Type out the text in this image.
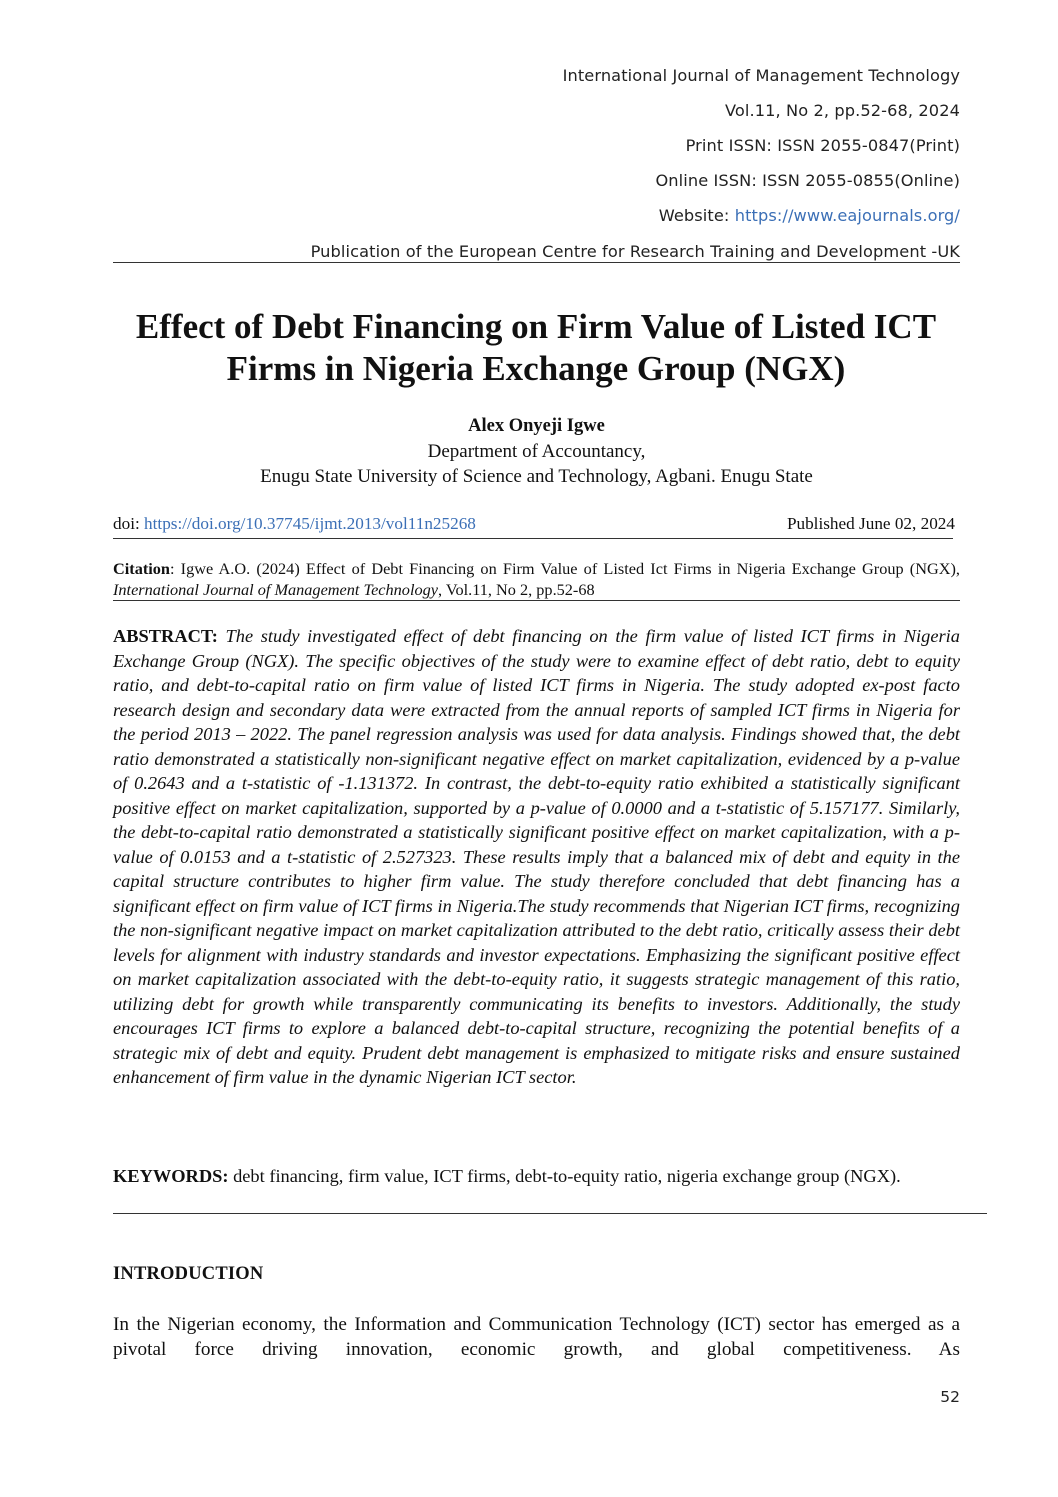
International Journal of Management Technology
Vol.11, No 2, pp.52-68, 2024
Print ISSN: ISSN 2055-0847(Print)
Online ISSN: ISSN 2055-0855(Online)
Website: https://www.eajournals.org/
Publication of the European Centre for Research Training and Development -UK
Effect of Debt Financing on Firm Value of Listed ICT
Firms in Nigeria Exchange Group (NGX)
Alex Onyeji Igwe
Department of Accountancy,
Enugu State University of Science and Technology, Agbani. Enugu State
doi: https://doi.org/10.37745/ijmt.2013/vol11n25268	Published June 02, 2024
Citation: Igwe A.O. (2024) Effect of Debt Financing on Firm Value of Listed Ict Firms in Nigeria Exchange Group (NGX), International Journal of Management Technology, Vol.11, No 2, pp.52-68
ABSTRACT: The study investigated effect of debt financing on the firm value of listed ICT firms in Nigeria Exchange Group (NGX). The specific objectives of the study were to examine effect of debt ratio, debt to equity ratio, and debt-to-capital ratio on firm value of listed ICT firms in Nigeria. The study adopted ex-post facto research design and secondary data were extracted from the annual reports of sampled ICT firms in Nigeria for the period 2013 – 2022. The panel regression analysis was used for data analysis. Findings showed that, the debt ratio demonstrated a statistically non-significant negative effect on market capitalization, evidenced by a p-value of 0.2643 and a t-statistic of -1.131372. In contrast, the debt-to-equity ratio exhibited a statistically significant positive effect on market capitalization, supported by a p-value of 0.0000 and a t-statistic of 5.157177. Similarly, the debt-to-capital ratio demonstrated a statistically significant positive effect on market capitalization, with a p-value of 0.0153 and a t-statistic of 2.527323. These results imply that a balanced mix of debt and equity in the capital structure contributes to higher firm value. The study therefore concluded that debt financing has a significant effect on firm value of ICT firms in Nigeria.The study recommends that Nigerian ICT firms, recognizing the non-significant negative impact on market capitalization attributed to the debt ratio, critically assess their debt levels for alignment with industry standards and investor expectations. Emphasizing the significant positive effect on market capitalization associated with the debt-to-equity ratio, it suggests strategic management of this ratio, utilizing debt for growth while transparently communicating its benefits to investors. Additionally, the study encourages ICT firms to explore a balanced debt-to-capital structure, recognizing the potential benefits of a strategic mix of debt and equity. Prudent debt management is emphasized to mitigate risks and ensure sustained enhancement of firm value in the dynamic Nigerian ICT sector.
KEYWORDS: debt financing, firm value, ICT firms, debt-to-equity ratio, nigeria exchange group (NGX).
INTRODUCTION
In the Nigerian economy, the Information and Communication Technology (ICT) sector has emerged as a pivotal force driving innovation, economic growth, and global competitiveness. As
52
